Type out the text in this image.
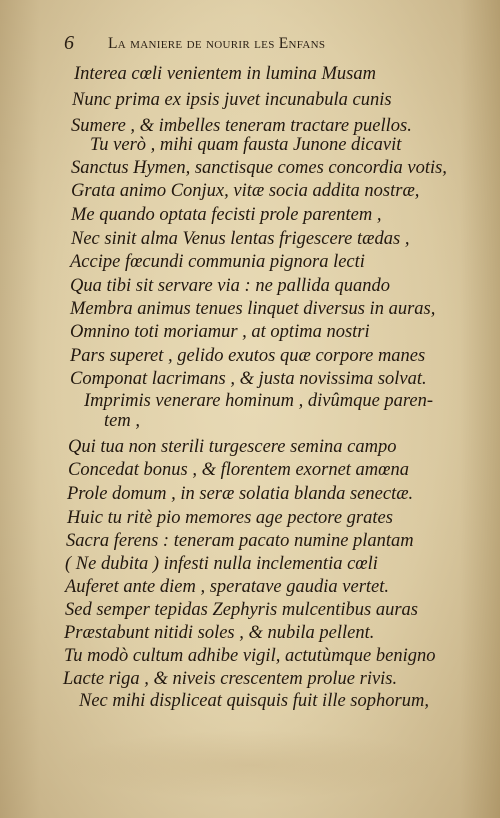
6 La maniere de nourir les Enfans
Interea cœli venientem in lumina Musam
Nunc prima ex ipsis juvet incunabula cunis
Sumere , & imbelles teneram tractare puellos.
Tu verò , mihi quam fausta Junone dicavit
Sanctus Hymen, sanctisque comes concordia votis,
Grata animo Conjux, vitæ socia addita nostræ,
Me quando optata fecisti prole parentem ,
Nec sinit alma Venus lentas frigescere tædas ,
Accipe fœcundi communia pignora lecti
Qua tibi sit servare via : ne pallida quando
Membra animus tenues linquet diversus in auras,
Omnino toti moriamur , at optima nostri
Pars superet , gelido exutos quæ corpore manes
Componat lacrimans , & justa novissima solvat.
Imprimis venerare hominum , divûmque paren-
tem ,
Qui tua non sterili turgescere semina campo
Concedat bonus , & florentem exornet amœna
Prole domum , in seræ solatia blanda senectæ.
Huic tu ritè pio memores age pectore grates
Sacra ferens : teneram pacato numine plantam
( Ne dubita ) infesti nulla inclementia cœli
Auferet ante diem , speratave gaudia vertet.
Sed semper tepidas Zephyris mulcentibus auras
Præstabunt nitidi soles , & nubila pellent.
Tu modò cultum adhibe vigil, actutùmque benigno
Lacte riga , & niveis crescentem prolue rivis.
Nec mihi displiceat quisquis fuit ille sophorum,
